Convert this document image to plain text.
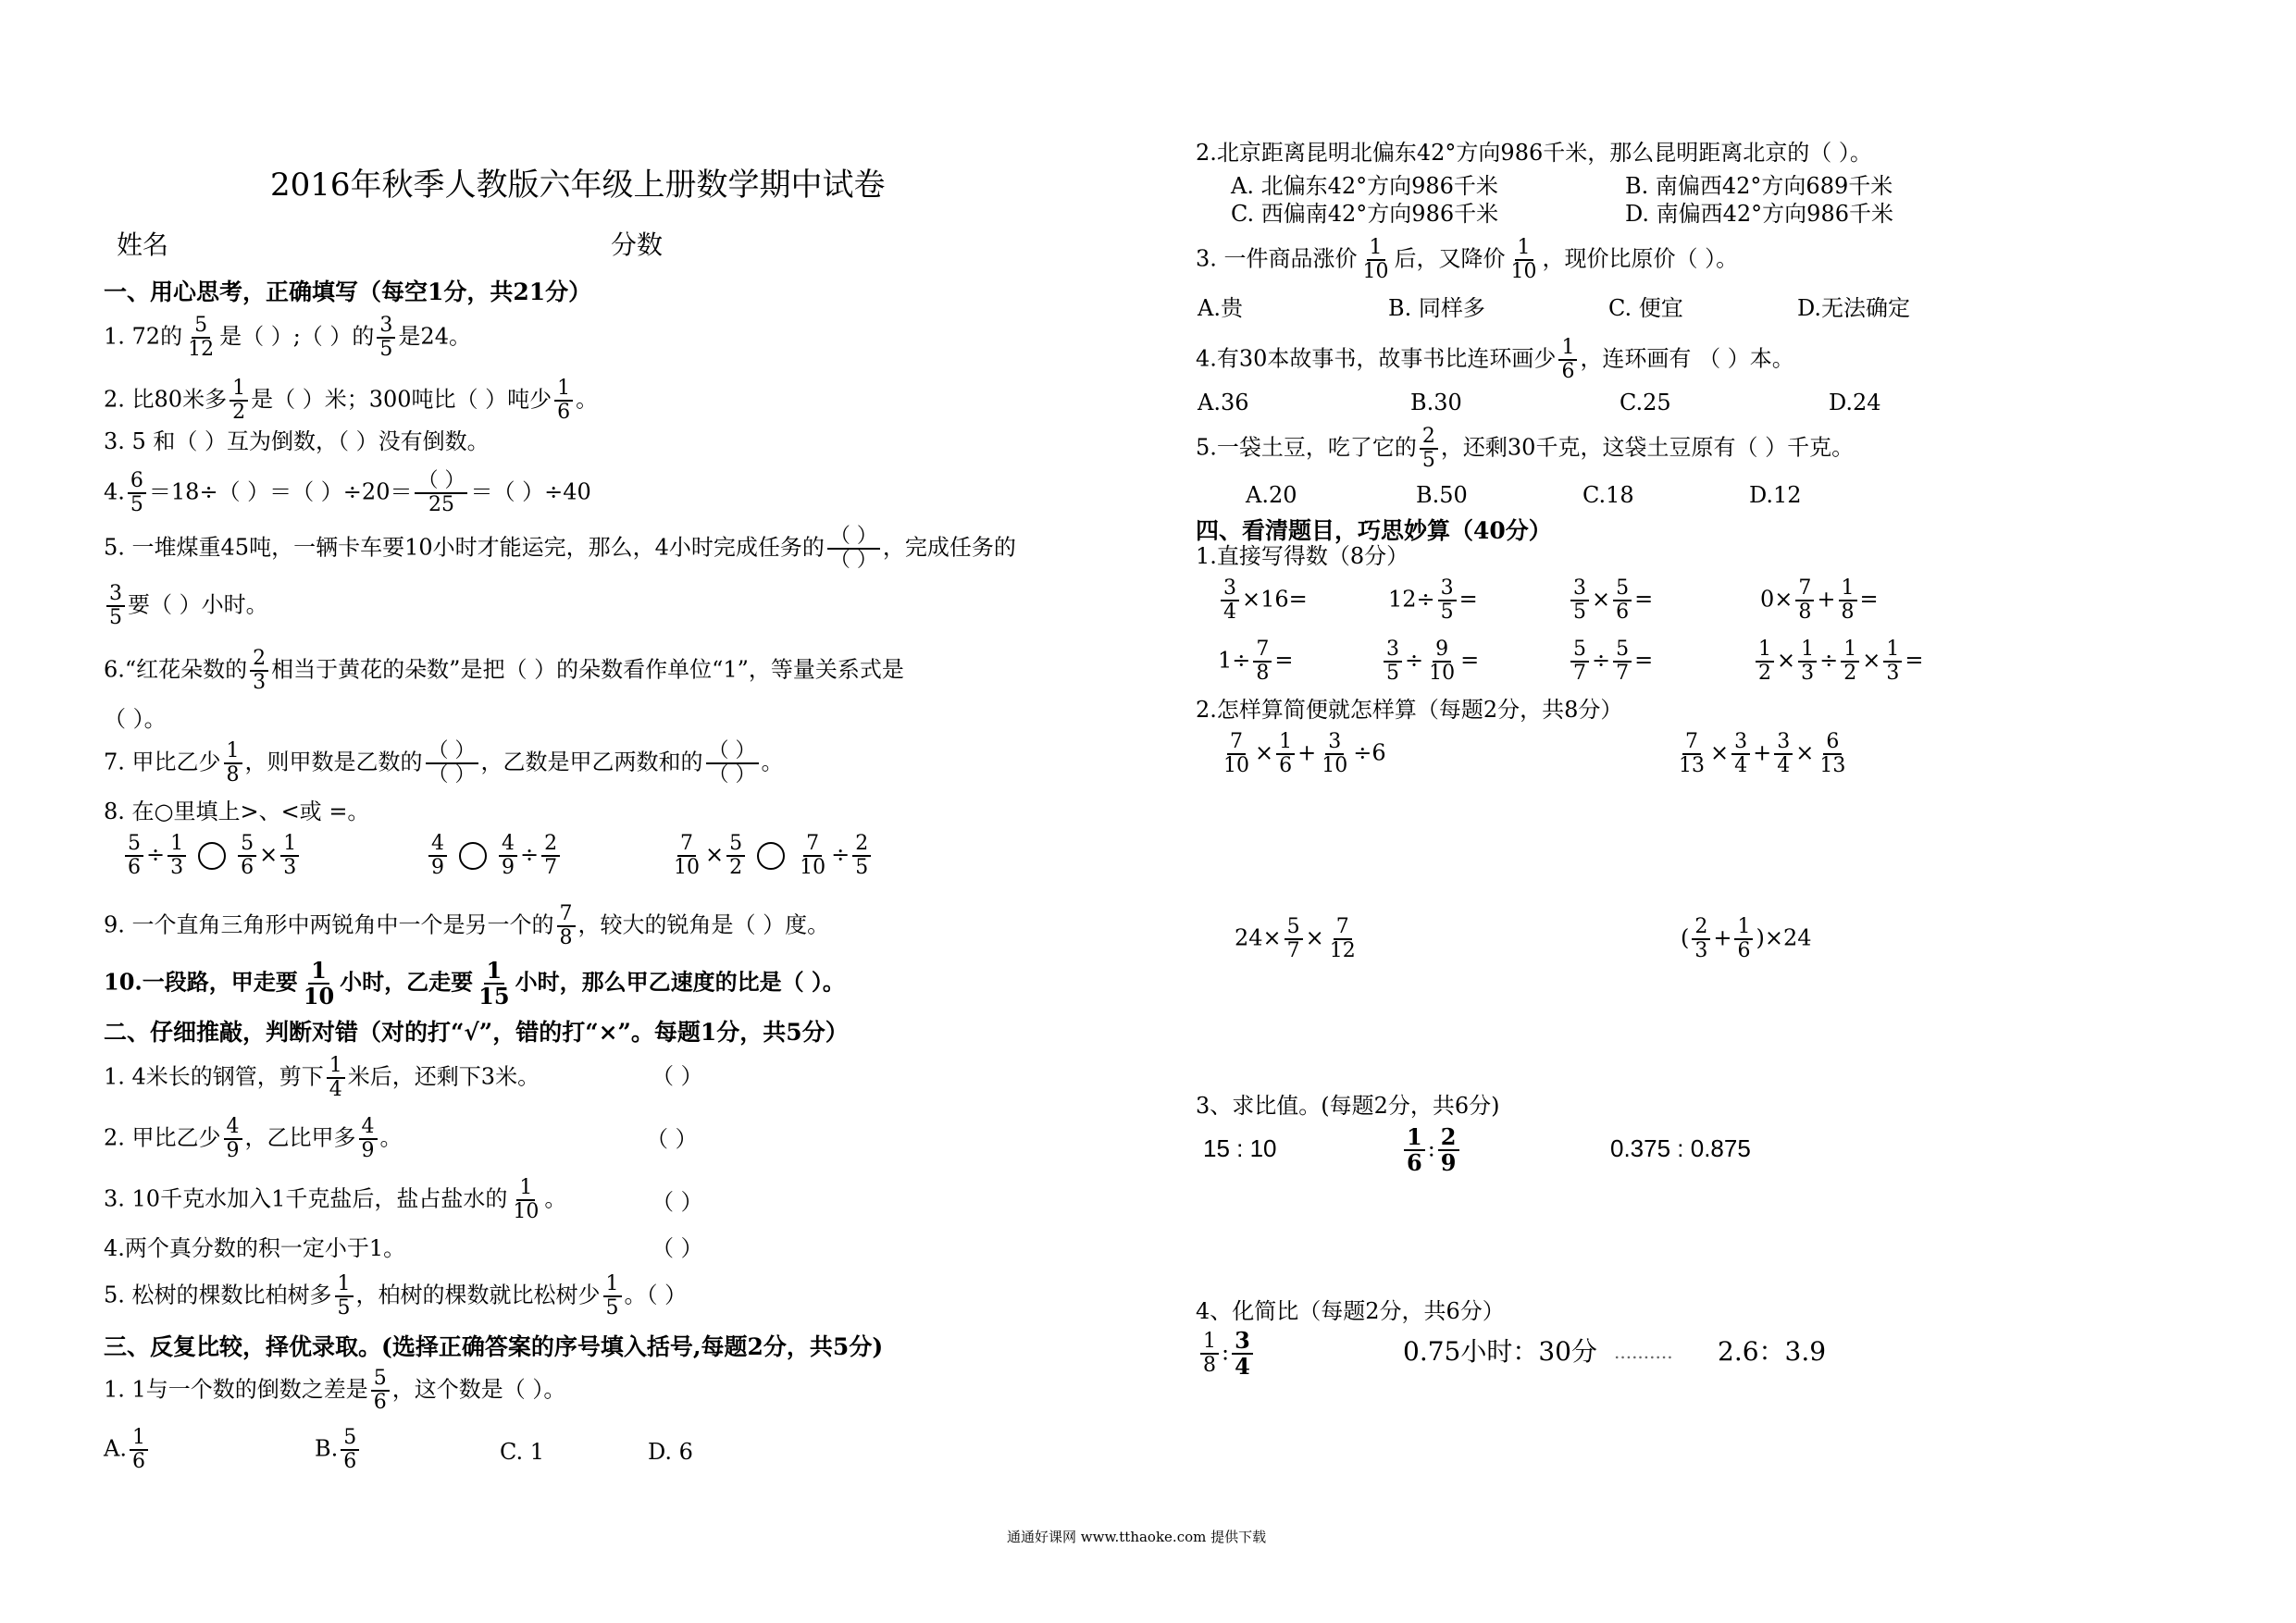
2016年秋季人教版六年级上册数学期中试卷
姓名	分数
一、用心思考，正确填写（每空1分，共21分）
1. 72的 $\frac{5}{12}$ 是（ ）;（ ）的 $\frac{3}{5}$ 是24。
2. 比80米多 $\frac{1}{2}$ 是（ ）米；300吨比（ ）吨少 $\frac{1}{6}$ 。
3. 5 和（ ）互为倒数，（ ）没有倒数。
4. $\frac{6}{5} =18\div$（ ）＝（ ）$\div 20= \frac{( )}{25}$ ＝（ ）÷40
5. 一堆煤重45吨，一辆卡车要10小时才能运完，那么，4小时完成任务的 $\frac{( )}{( )}$ ，完成任务的
$\frac{3}{5}$ 要（ ）小时。
6.“红花朵数的 $\frac{2}{3}$ 相当于黄花的朵数”是把（ ）的朵数看作单位“1”，等量关系式是
（ ）。
7. 甲比乙少 $\frac{1}{8}$ ，则甲数是乙数的 $\frac{( )}{( )}$ ，乙数是甲乙两数和的 $\frac{( )}{( )}$ 。
8. 在○里填上>、<或 =。
$\frac{5}{6} \div \frac{1}{3}$	$\frac{5}{6} \times \frac{1}{3}$	$\frac{4}{9}$	$\frac{4}{9} \div \frac{2}{7}$	$\frac{7}{10} \times \frac{5}{2}$	$\frac{7}{10} \div \frac{2}{5}$
9. 一个直角三角形中两锐角中一个是另一个的 $\frac{7}{8}$ ，较大的锐角是（ ）度。
10.一段路，甲走要 $\frac{1}{10}$ 小时，乙走要 $\frac{1}{15}$ 小时，那么甲乙速度的比是（ ）。
二、仔细推敲，判断对错（对的打“√”，错的打“×”。每题1分，共5分）
1. 4米长的钢管，剪下 $\frac{1}{4}$ 米后，还剩下3米。	（ ）
2. 甲比乙少 $\frac{4}{9}$ ，乙比甲多 $\frac{4}{9}$ 。	（ ）
3. 10千克水加入1千克盐后，盐占盐水的 $\frac{1}{10}$ 。	（ ）
4.两个真分数的积一定小于1。	（ ）
5. 松树的棵数比柏树多 $\frac{1}{5}$ ，柏树的棵数就比松树少 $\frac{1}{5}$ 。（ ）
三、反复比较，择优录取。(选择正确答案的序号填入括号,每题2分，共5分)
1. 1与一个数的倒数之差是 $\frac{5}{6}$ ，这个数是（ ）。
A. $\frac{1}{6}$	B. $\frac{5}{6}$	C. 1	D. 6
2.北京距离昆明北偏东42°方向986千米，那么昆明距离北京的（ ）。
A. 北偏东42°方向986千米	B. 南偏西42°方向689千米
C. 西偏南42°方向986千米	D. 南偏西42°方向986千米
3. 一件商品涨价 $\frac{1}{10}$ 后，又降价 $\frac{1}{10}$ ，现价比原价（ ）。
A.贵	B. 同样多	C. 便宜	D.无法确定
4.有30本故事书，故事书比连环画少 $\frac{1}{6}$ ，连环画有 （ ）本。
A.36	B.30	C.25	D.24
5.一袋土豆，吃了它的 $\frac{2}{5}$ ，还剩30千克，这袋土豆原有（ ）千克。
A.20	B.50	C.18	D.12
四、看清题目，巧思妙算（40分）
1.直接写得数（8分）
$\frac{3}{4} \times 16=$	$12\div \frac{3}{5}$ =	$\frac{3}{5} \times \frac{5}{6}$ =	$0\times \frac{7}{8} + \frac{1}{8}$ =
$1\div \frac{7}{8}$ =	$\frac{3}{5} \div \frac{9}{10}$ =	$\frac{5}{7} \div \frac{5}{7}$ =	$\frac{1}{2} \times \frac{1}{3} \div \frac{1}{2} \times \frac{1}{3}$ =
2.怎样算简便就怎样算（每题2分，共8分）
$\frac{7}{10} \times \frac{1}{6} + \frac{3}{10} \div 6$	$\frac{7}{13} \times \frac{3}{4} + \frac{3}{4} \times \frac{6}{13}$
$24\times \frac{5}{7} \times \frac{7}{12}$	( $\frac{2}{3} + \frac{1}{6} )\times 24$
3、求比值。(每题2分，共6分)
15 : 10	$\frac{1}{6}$ : $\frac{2}{9}$	0.375 : 0.875
4、化简比（每题2分，共6分）
$\frac{1}{8}$ : $\frac{3}{4}$	0.75小时：30分 .......... 2.6：3.9
通通好课网 www.tthaoke.com 提供下载
